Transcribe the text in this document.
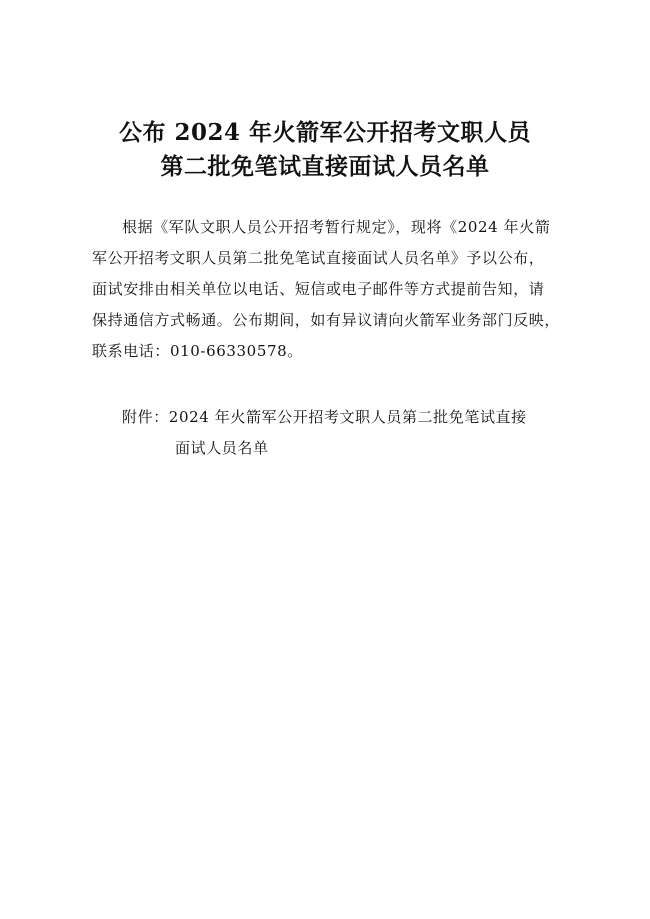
公布 2024 年火箭军公开招考文职人员
第二批免笔试直接面试人员名单
根据《军队文职人员公开招考暂行规定》，现将《2024 年火箭
军公开招考文职人员第二批免笔试直接面试人员名单》予以公布，
面试安排由相关单位以电话、短信或电子邮件等方式提前告知，请
保持通信方式畅通。公布期间，如有异议请向火箭军业务部门反映，
联系电话：010-66330578。
附件：2024 年火箭军公开招考文职人员第二批免笔试直接
面试人员名单
